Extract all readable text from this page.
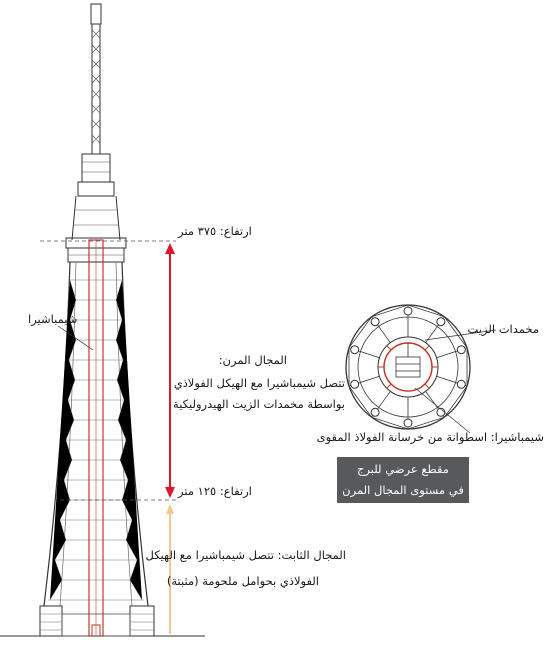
ارتفاع: ٣٧٥ متر
ارتفاع: ١٢٥ متر
شيمباشيرا
المجال المرن:
تتصل شيمباشيرا مع الهيكل الفولاذي
بواسطة مخمدات الزيت الهيدروليكية
المجال الثابت: تتصل شيمباشيرا مع الهيكل
الفولاذي بحوامل ملحومة (مثبتة)
مخمدات الزيت
شيمباشيرا: اسطوانة من خرسانة الفولاذ المقوى
مقطع عرضي للبرج
في مستوى المجال المرن
